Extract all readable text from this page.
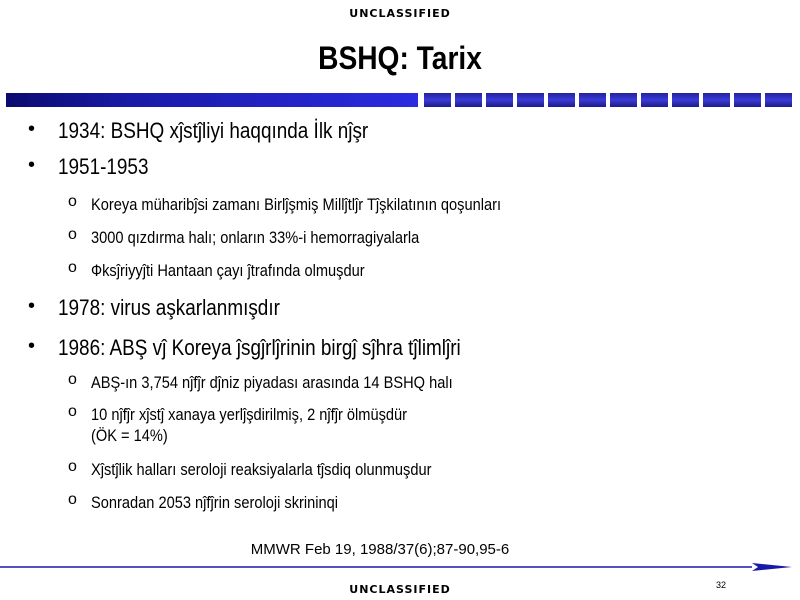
UNCLASSIFIED
BSHQ: Tarix
• 1934: BSHQ xĵstĵliyi haqqında İlk nĵşr
• 1951-1953
o Koreya müharibĵsi zamanı Birlĵşmiş Millĵtlĵr Tĵşkilatının qoşunları
o 3000 qızdırma halı; onların 33%-i hemorragiyalarla
o Фksĵriyyĵti Hantaan çayı ĵtrafında olmuşdur
• 1978: virus aşkarlanmışdır
• 1986: ABŞ vĵ Koreya ĵsgĵrlĵrinin birgĵ sĵhra tĵlimlĵri
o ABŞ-ın 3,754 nĵfĵr dĵniz piyadası arasında 14 BSHQ halı
o 10 nĵfĵr xĵstĵ xanaya yerlĵşdirilmiş, 2 nĵfĵr ölmüşdür
(ÖK = 14%)
o Xĵstĵlik halları seroloji reaksiyalarla tĵsdiq olunmuşdur
o Sonradan 2053 nĵfĵrin seroloji skrininqi
MMWR Feb 19, 1988/37(6);87-90,95-6
32
UNCLASSIFIED
